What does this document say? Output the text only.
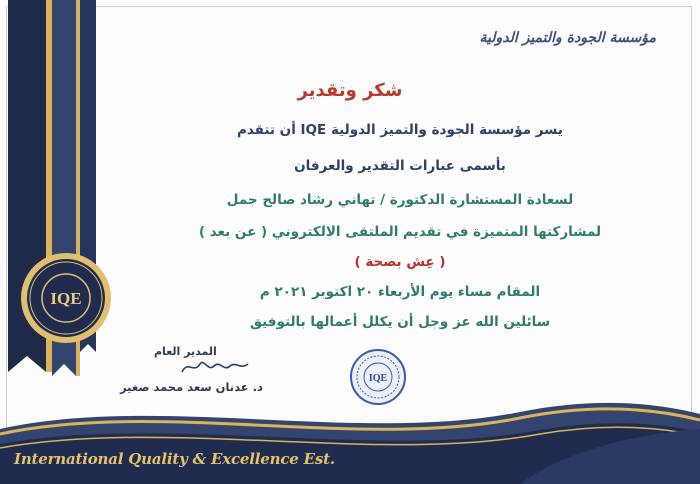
مؤسسة الجودة والتميز الدولية
شكر وتقدير
يسر مؤسسة الجودة والتميز الدولية IQE أن تتقدم
بأسمى عبارات التقدير والعرفان
لسعادة المستشارة الدكتورة / تهاني رشاد صالح جمل
لمشاركتها المتميزة في تقديم الملتقى الالكتروني ( عن بعد )
( عِش بصحة )
المقام مساء يوم الأربعاء ٢٠ اكتوبر ٢٠٢١ م
سائلين الله عز وجل أن يكلل أعمالها بالتوفيق
IQE
IQE
المدير العام
د. عدنان سعد محمد صغير
International Quality & Excellence Est.
